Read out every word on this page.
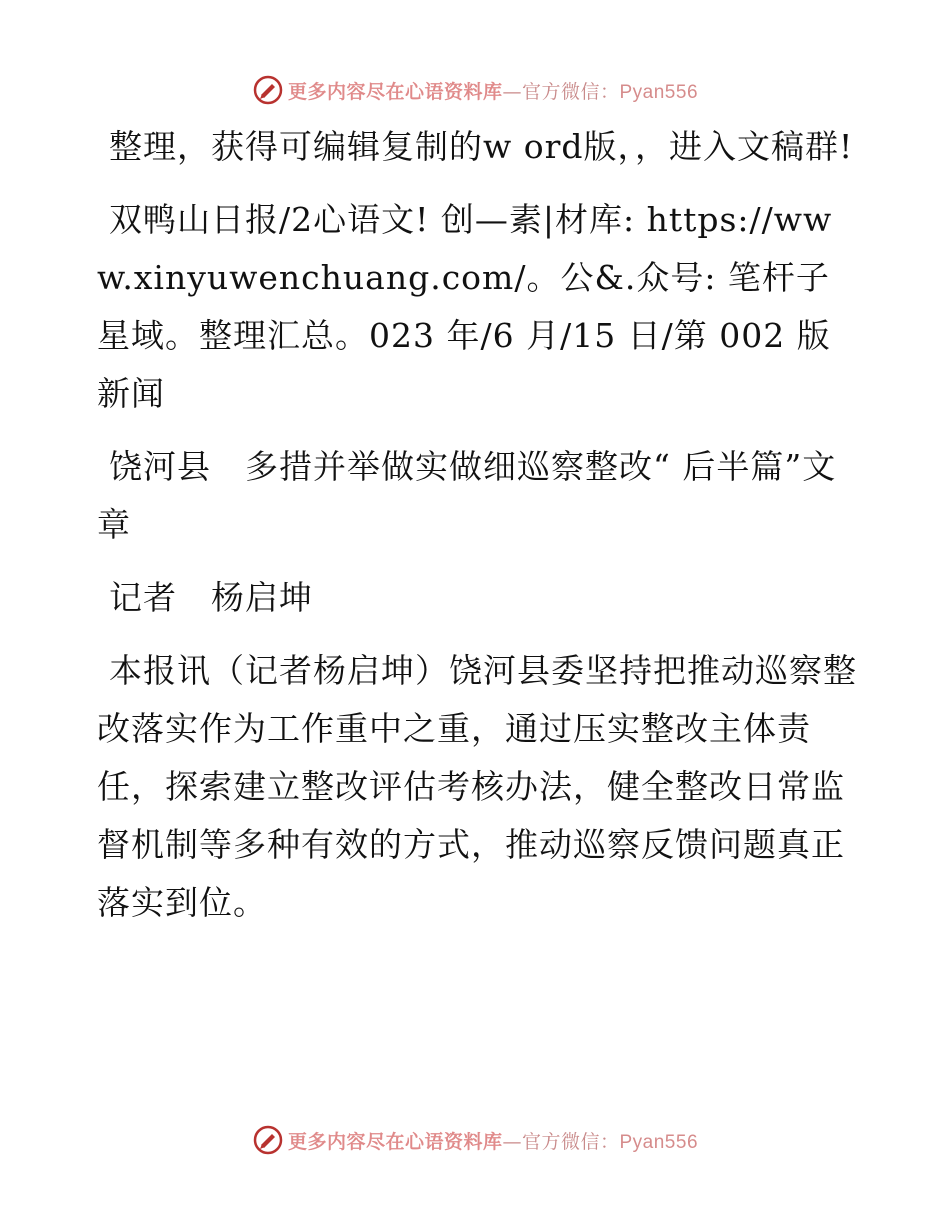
更多内容尽在心语资料库—官方微信：Pyan556

整理，获得可编辑复制的w ord版，，进入文稿群!

双鸭山日报/2心语文! 创—素|材库: https://www.xinyuwenchuang.com/。公&.众号: 笔杆子星域。整理汇总。023 年/6 月/15 日/第 002 版新闻

饶河县　多措并举做实做细巡察整改“ 后半篇”文章

记者　杨启坤

本报讯（记者杨启坤）饶河县委坚持把推动巡察整改落实作为工作重中之重，通过压实整改主体责任，探索建立整改评估考核办法，健全整改日常监督机制等多种有效的方式，推动巡察反馈问题真正落实到位。

更多内容尽在心语资料库—官方微信：Pyan556
